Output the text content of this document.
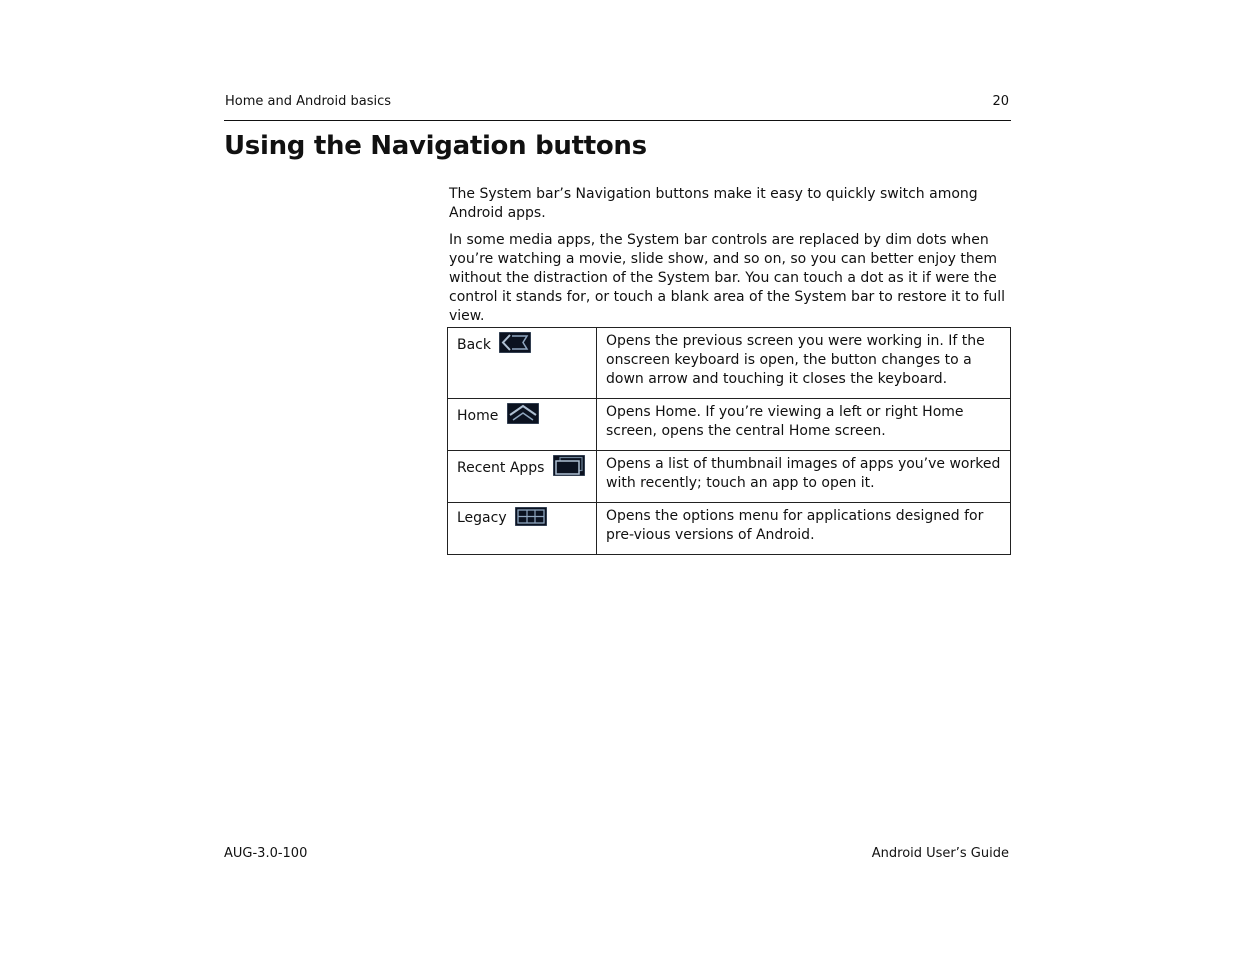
Home and Android basics	20
Using the Navigation buttons

The System bar’s Navigation buttons make it easy to quickly switch among Android apps.

In some media apps, the System bar controls are replaced by dim dots when you’re watching a movie, slide show, and so on, so you can better enjoy them without the distraction of the System bar. You can touch a dot as it if were the control it stands for, or touch a blank area of the System bar to restore it to full view.

Back	Opens the previous screen you were working in. If the onscreen keyboard is open, the button changes to a down arrow and touching it closes the keyboard.
Home	Opens Home. If you’re viewing a left or right Home screen, opens the central Home screen.
Recent Apps	Opens a list of thumbnail images of apps you’ve worked with recently; touch an app to open it.
Legacy	Opens the options menu for applications designed for pre-vious versions of Android.
AUG-3.0-100	Android User’s Guide
